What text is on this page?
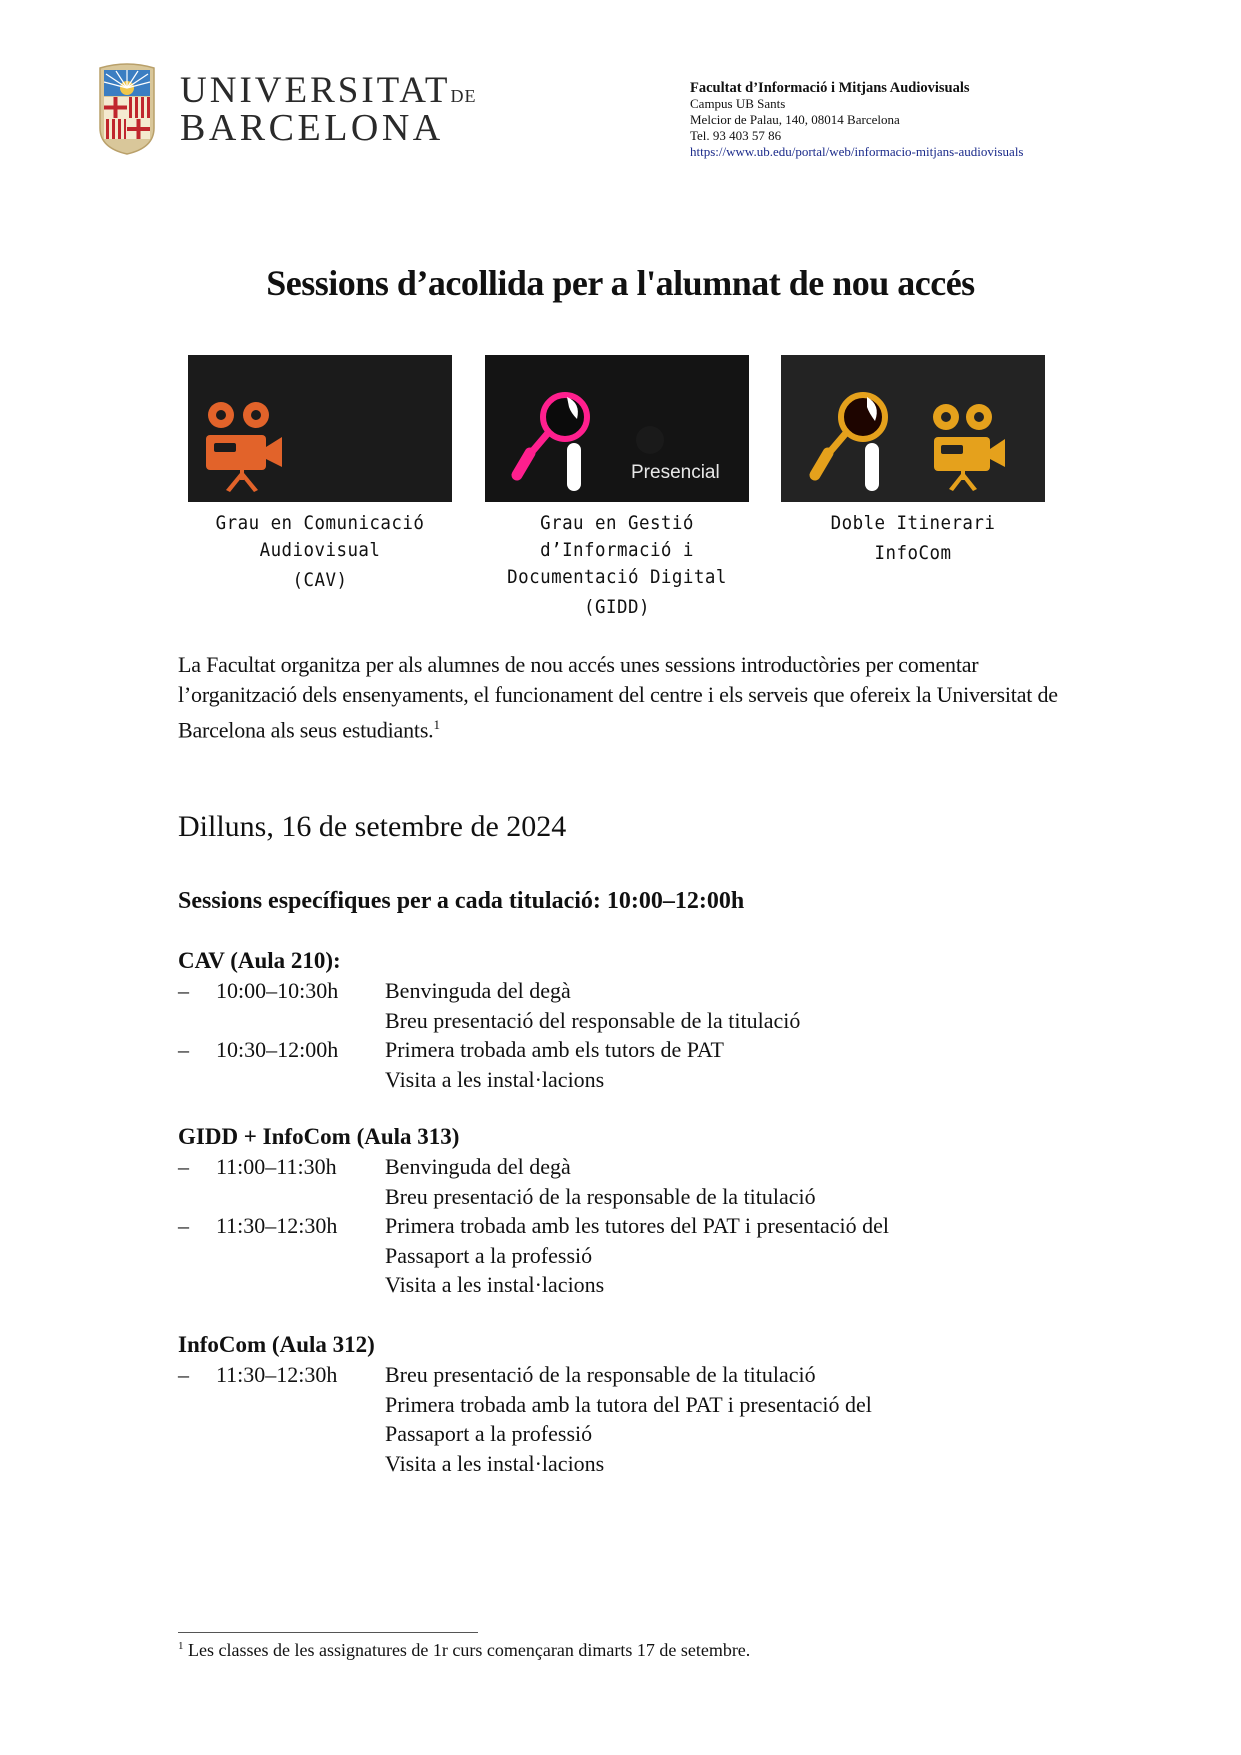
UNIVERSITATDE
BARCELONA
Facultat d’Informació i Mitjans Audiovisuals
Campus UB Sants
Melcior de Palau, 140, 08014 Barcelona
Tel. 93 403 57 86
https://www.ub.edu/portal/web/informacio-mitjans-audiovisuals
Sessions d’acollida per a l'alumnat de nou accés
Presencial
Grau en Comunicació
Audiovisual
(CAV)
Grau en Gestió
d’Informació i
Documentació Digital
(GIDD)
Doble Itinerari
InfoCom

La Facultat organitza per als alumnes de nou accés unes sessions introductòries per comentar l’organització dels ensenyaments, el funcionament del centre i els serveis que ofereix la Universitat de Barcelona als seus estudiants.$^1$

Dilluns, 16 de setembre de 2024
Sessions específiques per a cada titulació: 10:00–12:00h
CAV (Aula 210):
– 10:00–10:30h Benvinguda del degà
Breu presentació del responsable de la titulació
– 10:30–12:00h Primera trobada amb els tutors de PAT
Visita a les instal·lacions
GIDD + InfoCom (Aula 313)
– 11:00–11:30h Benvinguda del degà
Breu presentació de la responsable de la titulació
– 11:30–12:30h Primera trobada amb les tutores del PAT i presentació del
Passaport a la professió
Visita a les instal·lacions
InfoCom (Aula 312)
– 11:30–12:30h Breu presentació de la responsable de la titulació
Primera trobada amb la tutora del PAT i presentació del
Passaport a la professió
Visita a les instal·lacions
$^1$ Les classes de les assignatures de 1r curs començaran dimarts 17 de setembre.
